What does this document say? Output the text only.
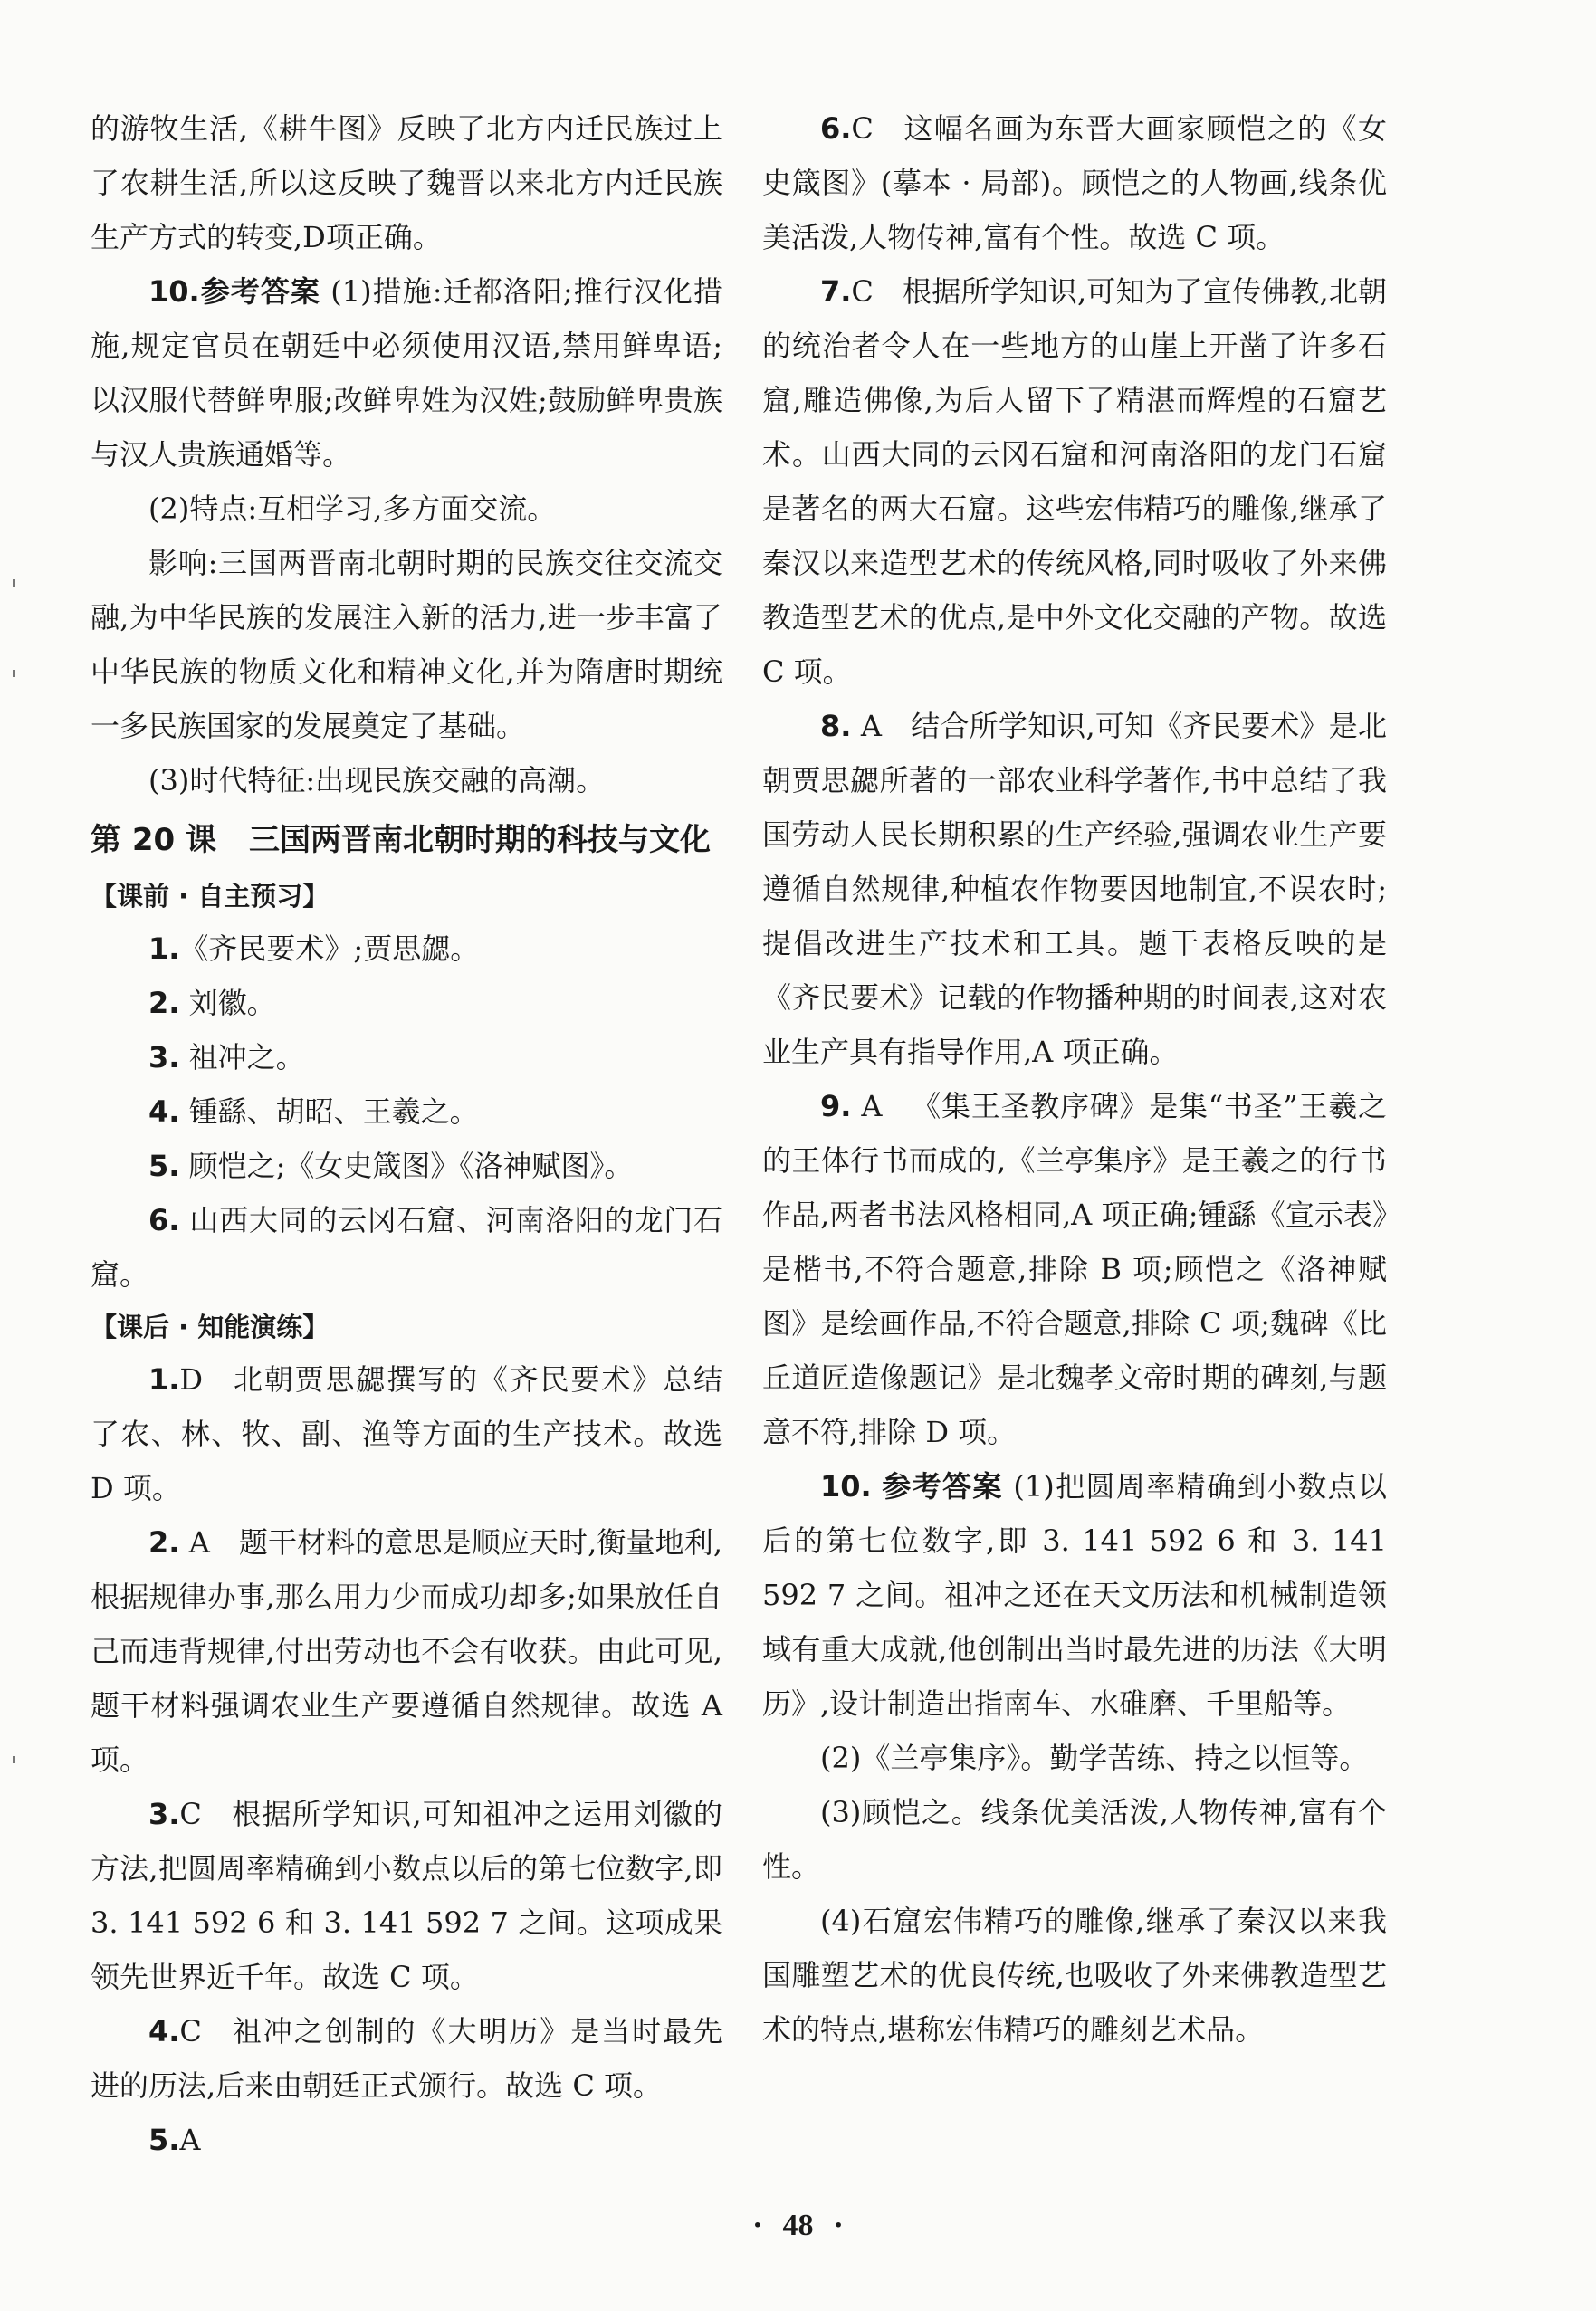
的游牧生活,《耕牛图》反映了北方内迁民族过上了农耕生活,所以这反映了魏晋以来北方内迁民族生产方式的转变,D项正确。

10.参考答案 (1)措施:迁都洛阳;推行汉化措施,规定官员在朝廷中必须使用汉语,禁用鲜卑语;以汉服代替鲜卑服;改鲜卑姓为汉姓;鼓励鲜卑贵族与汉人贵族通婚等。

(2)特点:互相学习,多方面交流。

影响:三国两晋南北朝时期的民族交往交流交融,为中华民族的发展注入新的活力,进一步丰富了中华民族的物质文化和精神文化,并为隋唐时期统一多民族国家的发展奠定了基础。

(3)时代特征:出现民族交融的高潮。

第 20 课 三国两晋南北朝时期的科技与文化
【课前 · 自主预习】

1.《齐民要术》;贾思勰。

2. 刘徽。

3. 祖冲之。

4. 锺繇、胡昭、王羲之。

5. 顾恺之;《女史箴图》《洛神赋图》。

6. 山西大同的云冈石窟、河南洛阳的龙门石窟。

【课后 · 知能演练】

1.D  北朝贾思勰撰写的《齐民要术》总结了农、林、牧、副、渔等方面的生产技术。故选 D 项。

2. A  题干材料的意思是顺应天时,衡量地利,根据规律办事,那么用力少而成功却多;如果放任自己而违背规律,付出劳动也不会有收获。由此可见,题干材料强调农业生产要遵循自然规律。故选 A 项。

3.C  根据所学知识,可知祖冲之运用刘徽的方法,把圆周率精确到小数点以后的第七位数字,即 3. 141 592 6 和 3. 141 592 7 之间。这项成果领先世界近千年。故选 C 项。

4.C  祖冲之创制的《大明历》是当时最先进的历法,后来由朝廷正式颁行。故选 C 项。

5.A

6.C  这幅名画为东晋大画家顾恺之的《女史箴图》(摹本 · 局部)。顾恺之的人物画,线条优美活泼,人物传神,富有个性。故选 C 项。

7.C  根据所学知识,可知为了宣传佛教,北朝的统治者令人在一些地方的山崖上开凿了许多石窟,雕造佛像,为后人留下了精湛而辉煌的石窟艺术。山西大同的云冈石窟和河南洛阳的龙门石窟是著名的两大石窟。这些宏伟精巧的雕像,继承了秦汉以来造型艺术的传统风格,同时吸收了外来佛教造型艺术的优点,是中外文化交融的产物。故选 C 项。

8. A  结合所学知识,可知《齐民要术》是北朝贾思勰所著的一部农业科学著作,书中总结了我国劳动人民长期积累的生产经验,强调农业生产要遵循自然规律,种植农作物要因地制宜,不误农时;提倡改进生产技术和工具。题干表格反映的是《齐民要术》记载的作物播种期的时间表,这对农业生产具有指导作用,A 项正确。

9. A  《集王圣教序碑》是集“书圣”王羲之的王体行书而成的,《兰亭集序》是王羲之的行书作品,两者书法风格相同,A 项正确;锺繇《宣示表》是楷书,不符合题意,排除 B 项;顾恺之《洛神赋图》是绘画作品,不符合题意,排除 C 项;魏碑《比丘道匠造像题记》是北魏孝文帝时期的碑刻,与题意不符,排除 D 项。

10. 参考答案 (1)把圆周率精确到小数点以后的第七位数字,即 3. 141 592 6 和 3. 141 592 7 之间。祖冲之还在天文历法和机械制造领域有重大成就,他创制出当时最先进的历法《大明历》,设计制造出指南车、水碓磨、千里船等。

(2)《兰亭集序》。勤学苦练、持之以恒等。

(3)顾恺之。线条优美活泼,人物传神,富有个性。

(4)石窟宏伟精巧的雕像,继承了秦汉以来我国雕塑艺术的优良传统,也吸收了外来佛教造型艺术的特点,堪称宏伟精巧的雕刻艺术品。

· 48 ·
